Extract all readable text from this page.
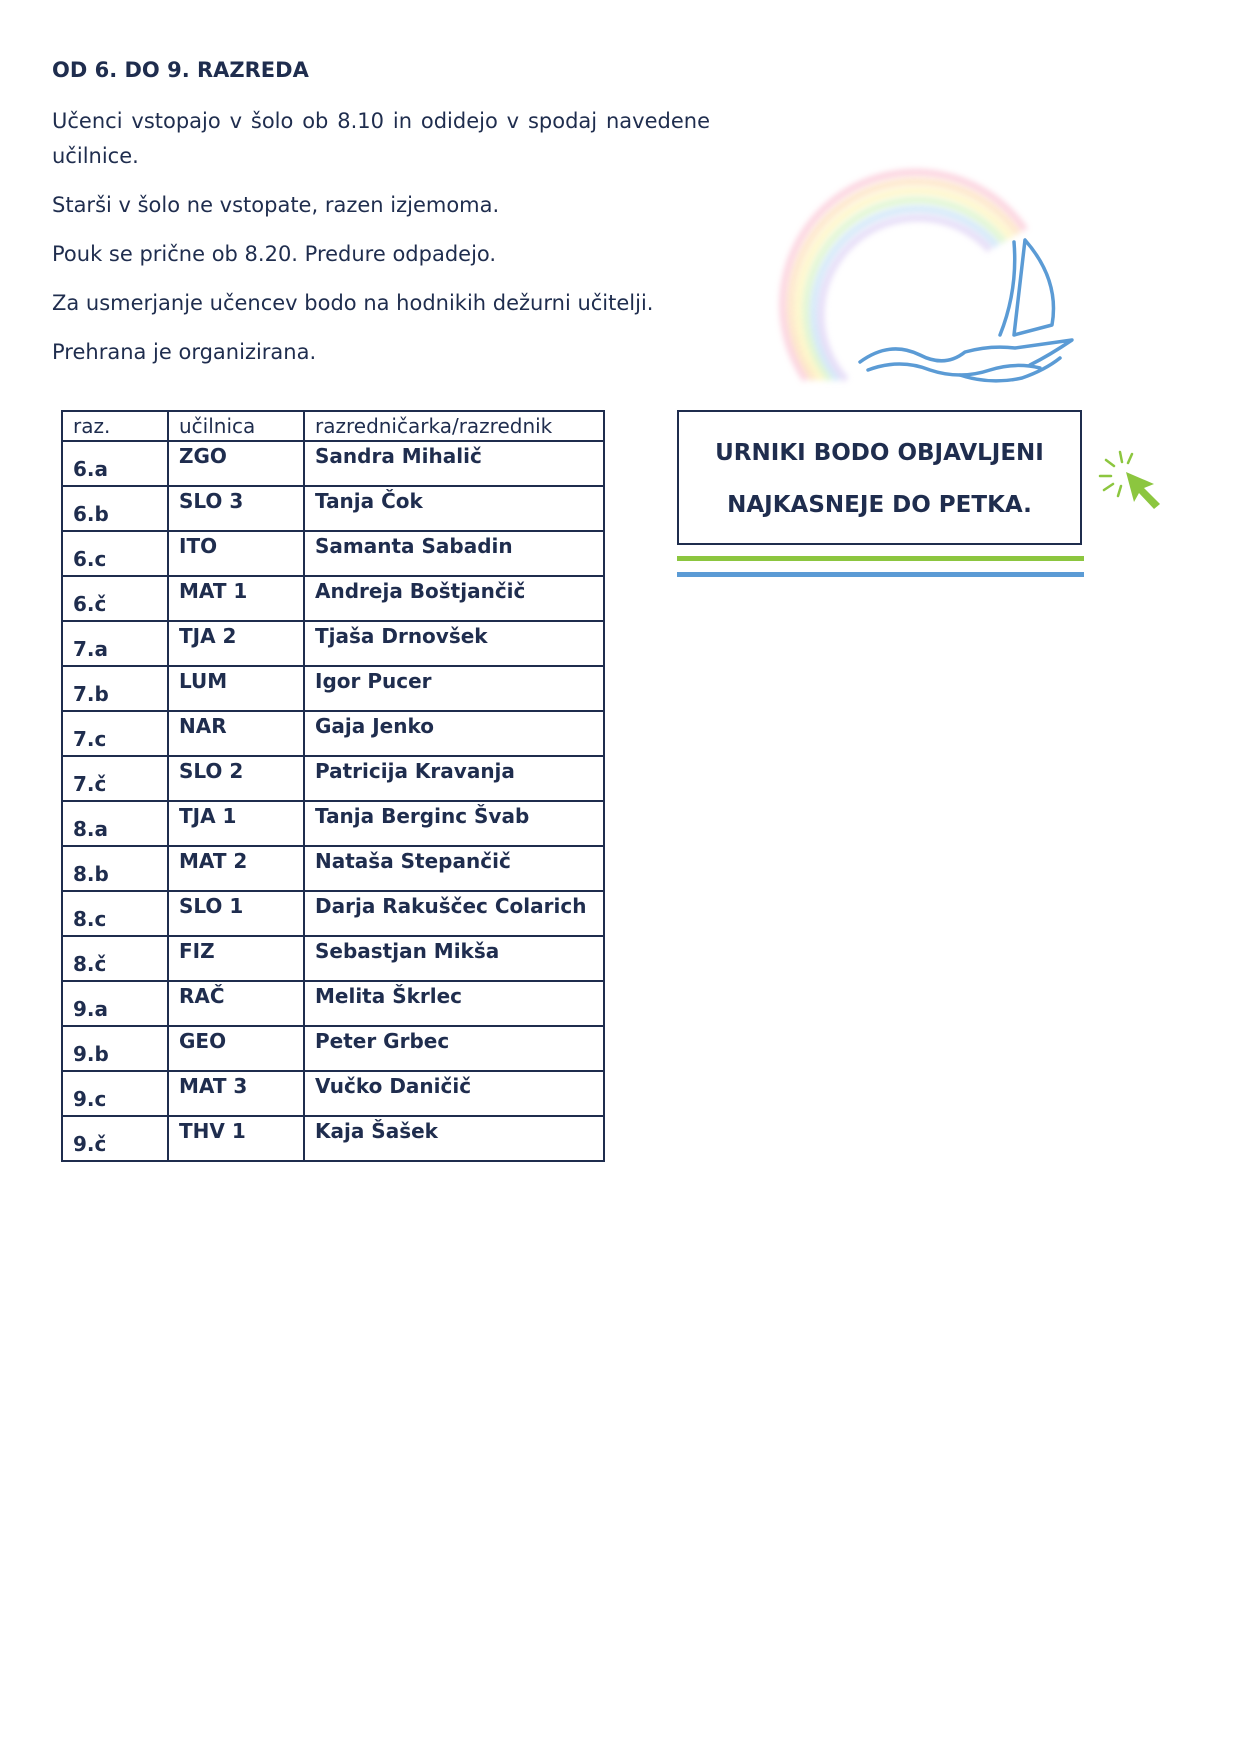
OD 6. DO 9. RAZREDA

Učenci vstopajo v šolo ob 8.10 in odidejo v spodaj navedene učilnice.

Starši v šolo ne vstopate, razen izjemoma.

Pouk se prične ob 8.20. Predure odpadejo.

Za usmerjanje učencev bodo na hodnikih dežurni učitelji.

Prehrana je organizirana.

raz.	učilnica	razredničarka/razrednik
6.a	ZGO	Sandra Mihalič
6.b	SLO 3	Tanja Čok
6.c	ITO	Samanta Sabadin
6.č	MAT 1	Andreja Boštjančič
7.a	TJA 2	Tjaša Drnovšek
7.b	LUM	Igor Pucer
7.c	NAR	Gaja Jenko
7.č	SLO 2	Patricija Kravanja
8.a	TJA 1	Tanja Berginc Švab
8.b	MAT 2	Nataša Stepančič
8.c	SLO 1	Darja Rakuščec Colarich
8.č	FIZ	Sebastjan Mikša
9.a	RAČ	Melita Škrlec
9.b	GEO	Peter Grbec
9.c	MAT 3	Vučko Daničič
9.č	THV 1	Kaja Šašek
URNIKI BODO OBJAVLJENI
NAJKASNEJE DO PETKA.
